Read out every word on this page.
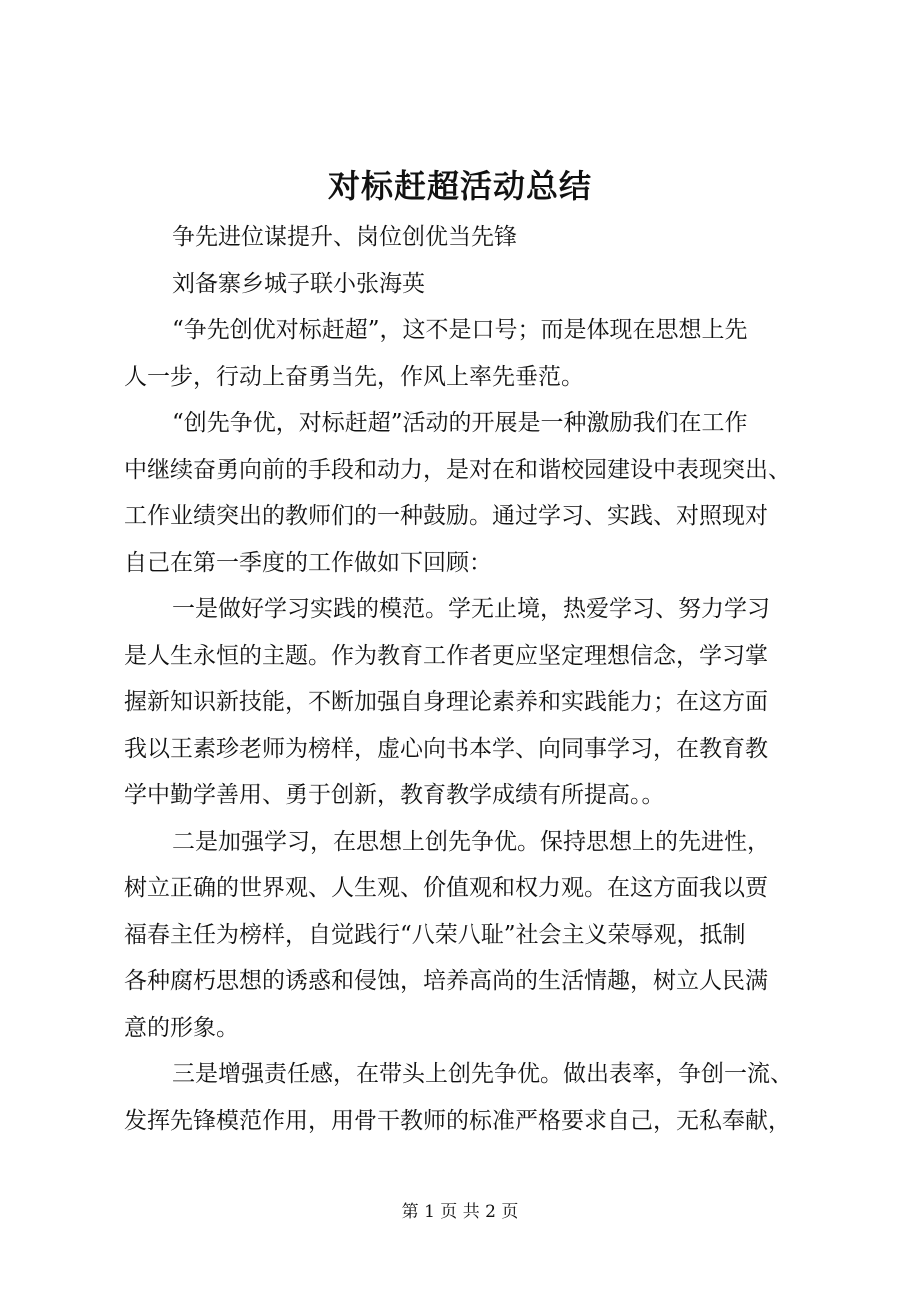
对标赶超活动总结
争先进位谋提升、岗位创优当先锋
刘备寨乡城子联小张海英
“争先创优对标赶超”，这不是口号；而是体现在思想上先
人一步，行动上奋勇当先，作风上率先垂范。
“创先争优，对标赶超”活动的开展是一种激励我们在工作
中继续奋勇向前的手段和动力，是对在和谐校园建设中表现突出、
工作业绩突出的教师们的一种鼓励。通过学习、实践、对照现对
自己在第一季度的工作做如下回顾：
一是做好学习实践的模范。学无止境，热爱学习、努力学习
是人生永恒的主题。作为教育工作者更应坚定理想信念，学习掌
握新知识新技能，不断加强自身理论素养和实践能力；在这方面
我以王素珍老师为榜样，虚心向书本学、向同事学习，在教育教
学中勤学善用、勇于创新，教育教学成绩有所提高。。
二是加强学习，在思想上创先争优。保持思想上的先进性，
树立正确的世界观、人生观、价值观和权力观。在这方面我以贾
福春主任为榜样，自觉践行“八荣八耻”社会主义荣辱观，抵制
各种腐朽思想的诱惑和侵蚀，培养高尚的生活情趣，树立人民满
意的形象。
三是增强责任感，在带头上创先争优。做出表率，争创一流、
发挥先锋模范作用，用骨干教师的标准严格要求自己，无私奉献，
第 1 页 共 2 页
